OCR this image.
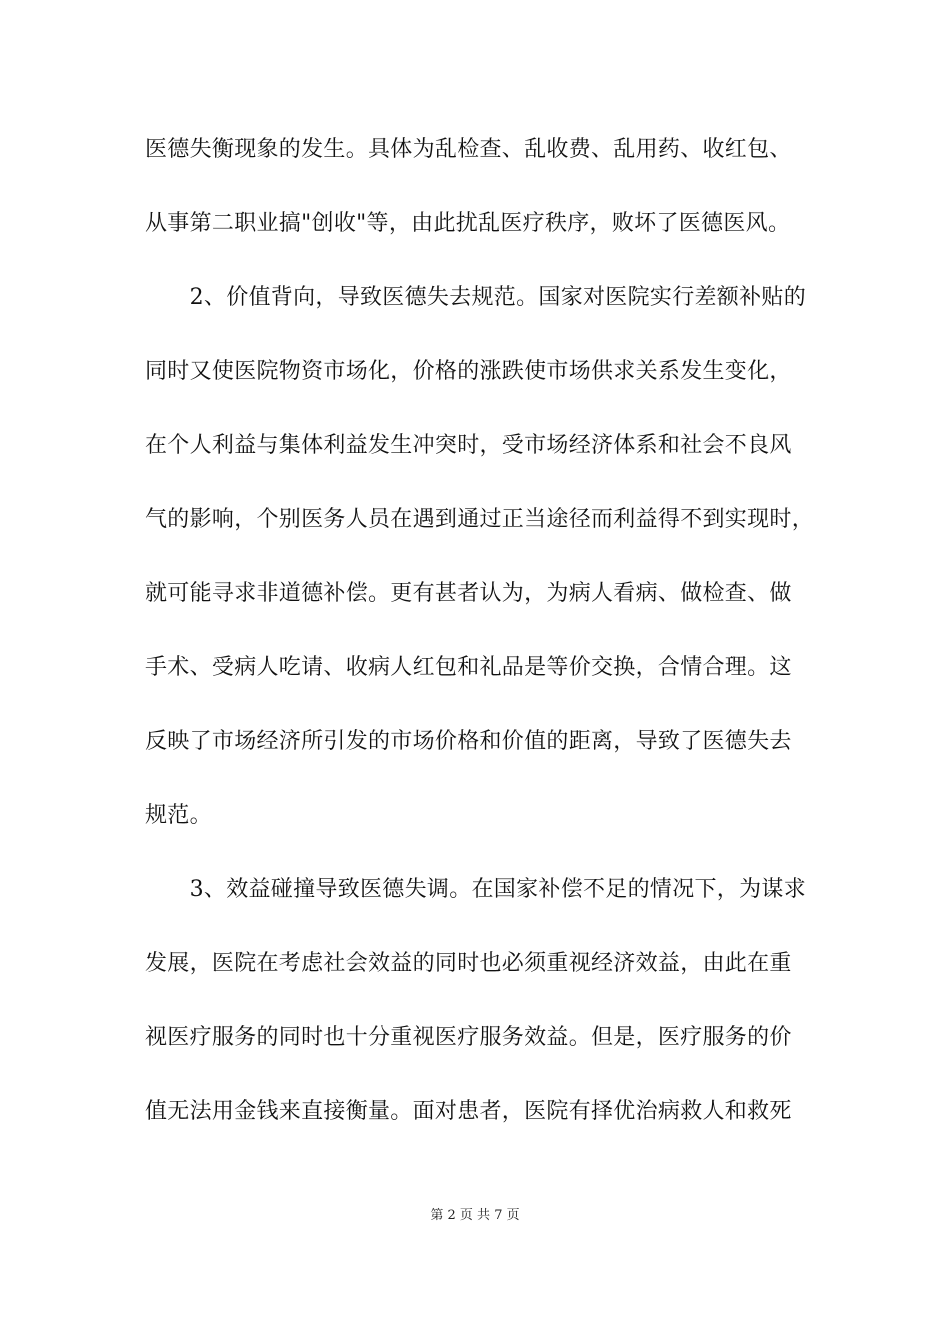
医德失衡现象的发生。具体为乱检查、乱收费、乱用药、收红包、
从事第二职业搞"创收"等，由此扰乱医疗秩序，败坏了医德医风。
　　2、价值背向，导致医德失去规范。国家对医院实行差额补贴的
同时又使医院物资市场化，价格的涨跌使市场供求关系发生变化，
在个人利益与集体利益发生冲突时，受市场经济体系和社会不良风
气的影响，个别医务人员在遇到通过正当途径而利益得不到实现时，
就可能寻求非道德补偿。更有甚者认为，为病人看病、做检查、做
手术、受病人吃请、收病人红包和礼品是等价交换，合情合理。这
反映了市场经济所引发的市场价格和价值的距离，导致了医德失去
规范。
　　3、效益碰撞导致医德失调。在国家补偿不足的情况下，为谋求
发展，医院在考虑社会效益的同时也必须重视经济效益，由此在重
视医疗服务的同时也十分重视医疗服务效益。但是，医疗服务的价
值无法用金钱来直接衡量。面对患者，医院有择优治病救人和救死
第 2 页 共 7 页
